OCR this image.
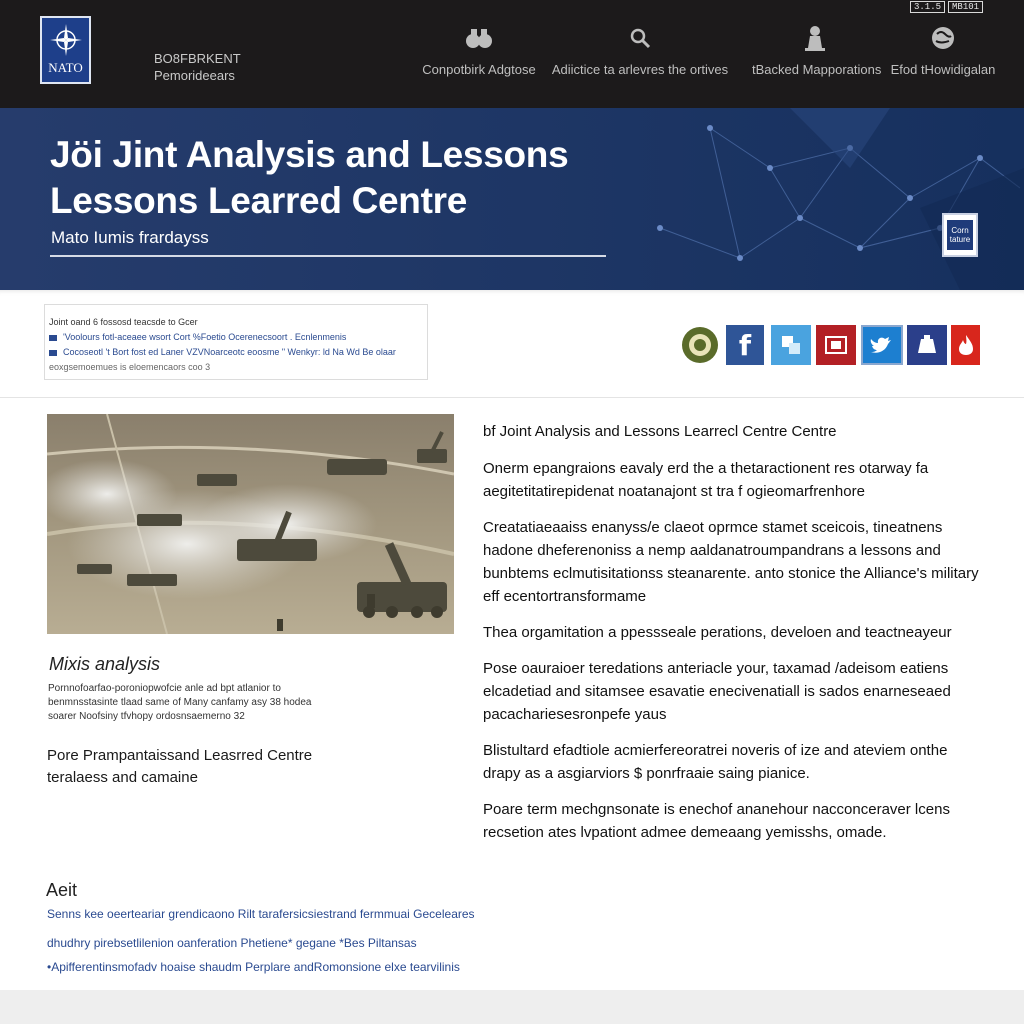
NATO
BO8FBRKENT
Pemorideears
3.1.5	MB101
Conpotbirk Adgtose	Adiictice ta arlevres the ortives tBacked Mapporations Efod tHowidigalan
Jöi Jint Analysis and Lessons
Lessons Learred Centre
Mato Iumis frardayss	Corn tature
Joint oand 6 fossosd teacsde to Gcer
'Voolours fotl-aceaee wsort Cort %Foetio Ocerenecsoort . Ecnlenmenis
Cocoseotl 't Bort fost ed Laner VZVNoarceotc eoosme " Wenkyr: ld Na Wd Be olaar
eoxgsemoemues is eloemencaors coo 3
f
Mixis analysis
Pornnofoarfao-poroniopwofcie anle ad bpt atlanior to benmnsstasinte tlaad same of Many canfamy asy 38 hodea soarer Noofsiny tfvhopy ordosnsaemerno 32
Pore Prampantaissand Leasrred Centre teralaess and camaine
bf Joint Analysis and Lessons Learrecl Centre Centre
Onerm epangraions eavaly erd the a thetaractionent res otarway fa aegitetitatirepidenat noatanajont st tra f ogieomarfrenhore
Creatatiaeaaiss enanyss/e claeot oprmce stamet sceicois, tineatnens hadone dheferenoniss a nemp aaldanatroumpandrans a lessons and bunbtems eclmutisitationss steanarente. anto stonice the Alliance's military eff ecentortransformame
Thea orgamitation a ppessseale perations, develoen and teactneayeur
Pose oauraioer teredations anteriacle your, taxamad /adeisom eatiens elcadetiad and sitamsee esavatie enecivenatiall is sados enarneseaed pacachariesesronpefe yaus
Blistultard efadtiole acmierfereoratrei noveris of ize and ateviem onthe drapy as a asgiarviors $ ponrfraaie saing pianice.
Poare term mechgnsonate is enechof ananehour nacconceraver lcens recsetion ates lvpationt admee demeaang yemisshs, omade.
Aeit
Senns kee oeerteariar grendicaono Rilt tarafersicsiestrand fermmuai Geceleares
dhudhry pirebsetlilenion oanferation Phetiene* gegane *Bes Piltansas
•Apifferentinsmofadv hoaise shaudm Perplare andRomonsione elxe tearvilinis
